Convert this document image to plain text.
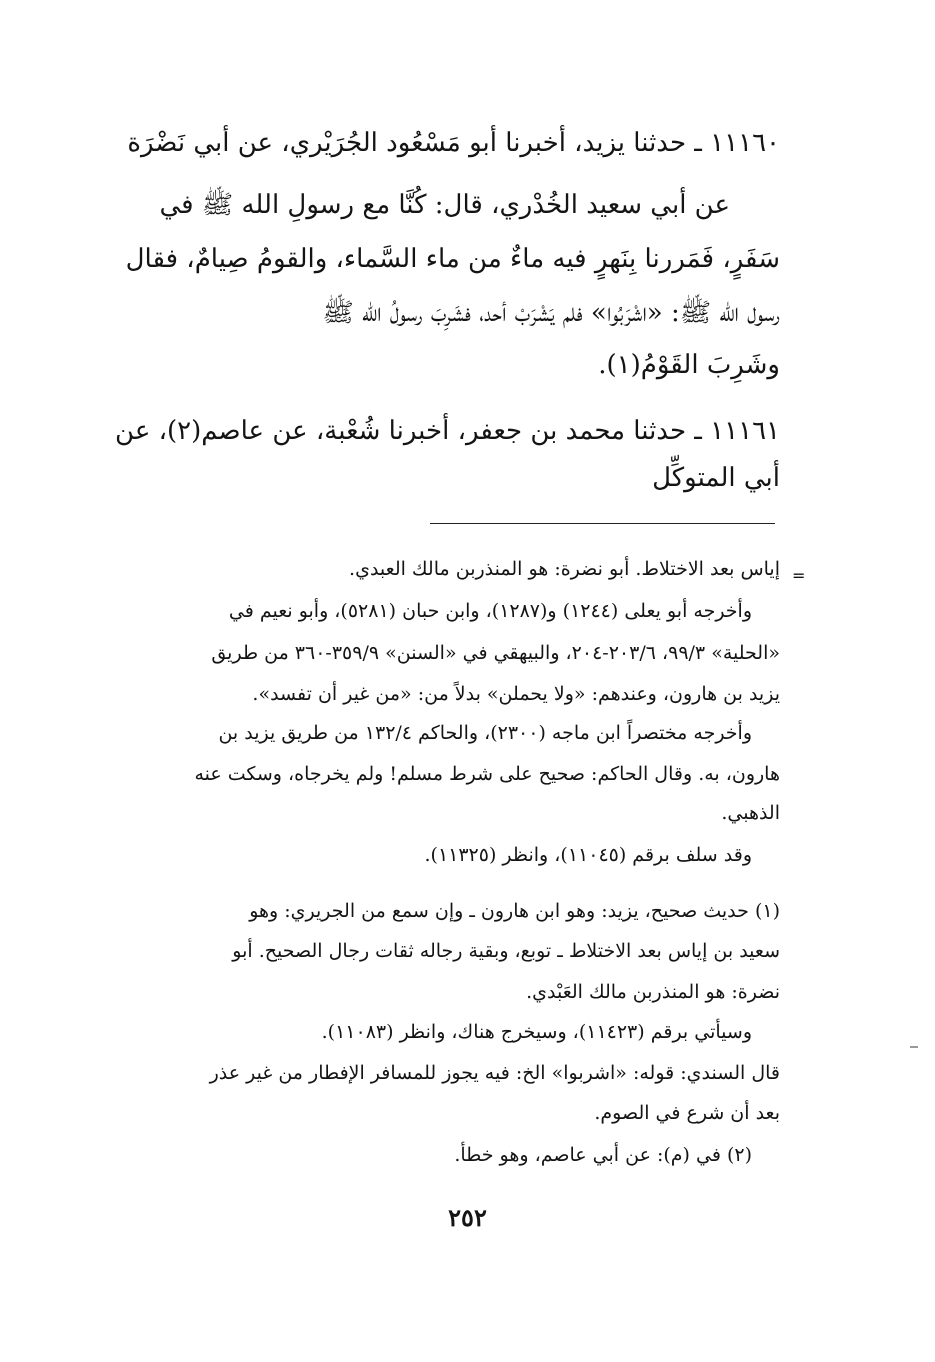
١١١٦٠ ـ حدثنا يزيد، أخبرنا أبو مَسْعُود الجُرَيْري، عن أبي نَضْرَة
عن أبي سعيد الخُدْري، قال: كُنَّا مع رسولِ الله ﷺ في
سَفَرٍ، فَمَررنا بِنَهرٍ فيه ماءٌ من ماء السَّماء، والقومُ صِيامٌ، فقال
رسول الله ﷺ: «اشْرَبُوا» فلم يَشْرَبْ أحد، فشَرِبَ رسولُ الله ﷺ
وشَرِبَ القَوْمُ(١).
١١١٦١ ـ حدثنا محمد بن جعفر، أخبرنا شُعْبة، عن عاصم(٢)، عن
أبي المتوكِّل
=
إياس بعد الاختلاط. أبو نضرة: هو المنذربن مالك العبدي.
وأخرجه أبو يعلى (١٢٤٤) و(١٢٨٧)، وابن حبان (٥٢٨١)، وأبو نعيم في
«الحلية» ٩٩/٣، ٢٠٣/٦-٢٠٤، والبيهقي في «السنن» ٣٥٩/٩-٣٦٠ من طريق
يزيد بن هارون، وعندهم: «ولا يحملن» بدلاً من: «من غير أن تفسد».
وأخرجه مختصراً ابن ماجه (٢٣٠٠)، والحاكم ١٣٢/٤ من طريق يزيد بن
هارون، به. وقال الحاكم: صحيح على شرط مسلم! ولم يخرجاه، وسكت عنه
الذهبي.
وقد سلف برقم (١١٠٤٥)، وانظر (١١٣٢٥).
(١) حديث صحيح، يزيد: وهو ابن هارون ـ وإن سمع من الجريري: وهو
سعيد بن إياس بعد الاختلاط ـ توبع، وبقية رجاله ثقات رجال الصحيح. أبو
نضرة: هو المنذربن مالك العَبْدي.
وسيأتي برقم (١١٤٢٣)، وسيخرج هناك، وانظر (١١٠٨٣).
قال السندي: قوله: «اشربوا» الخ: فيه يجوز للمسافر الإفطار من غير عذر
بعد أن شرع في الصوم.
(٢) في (م): عن أبي عاصم، وهو خطأ.
٢٥٢
